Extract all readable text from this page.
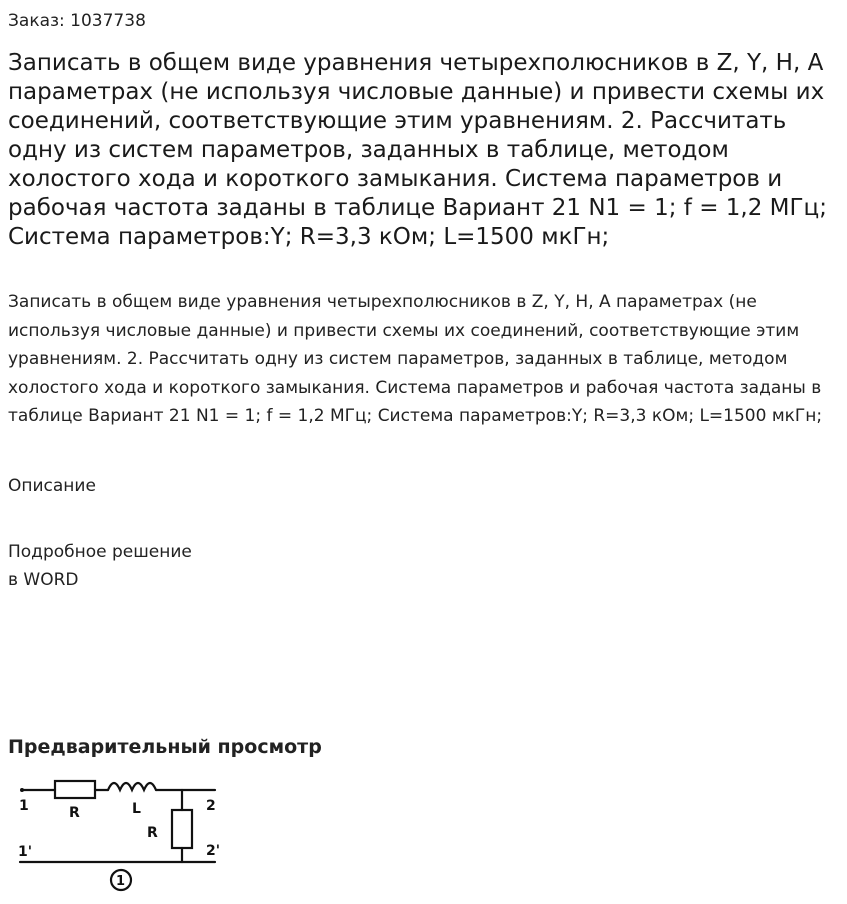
Заказ: 1037738
Записать в общем виде уравнения четырехполюсников в Z, Y, H, A параметрах (не используя числовые данные) и привести схемы их соединений, соответствующие этим уравнениям. 2. Рассчитать одну из систем параметров, заданных в таблице, методом холостого хода и короткого замыкания. Система параметров и рабочая частота заданы в таблице Вариант 21 N1 = 1; f = 1,2 МГц; Система параметров:Y; R=3,3 кОм; L=1500 мкГн;

Записать в общем виде уравнения четырехполюсников в Z, Y, H, A параметрах (не используя числовые данные) и привести схемы их соединений, соответствующие этим уравнениям. 2. Рассчитать одну из систем параметров, заданных в таблице, методом холостого хода и короткого замыкания. Система параметров и рабочая частота заданы в таблице Вариант 21 N1 = 1; f = 1,2 МГц; Система параметров:Y; R=3,3 кОм; L=1500 мкГн;

Описание
Подробное решение
в WORD
Предварительный просмотр
1
1'
2
2'
R	L
R
1
